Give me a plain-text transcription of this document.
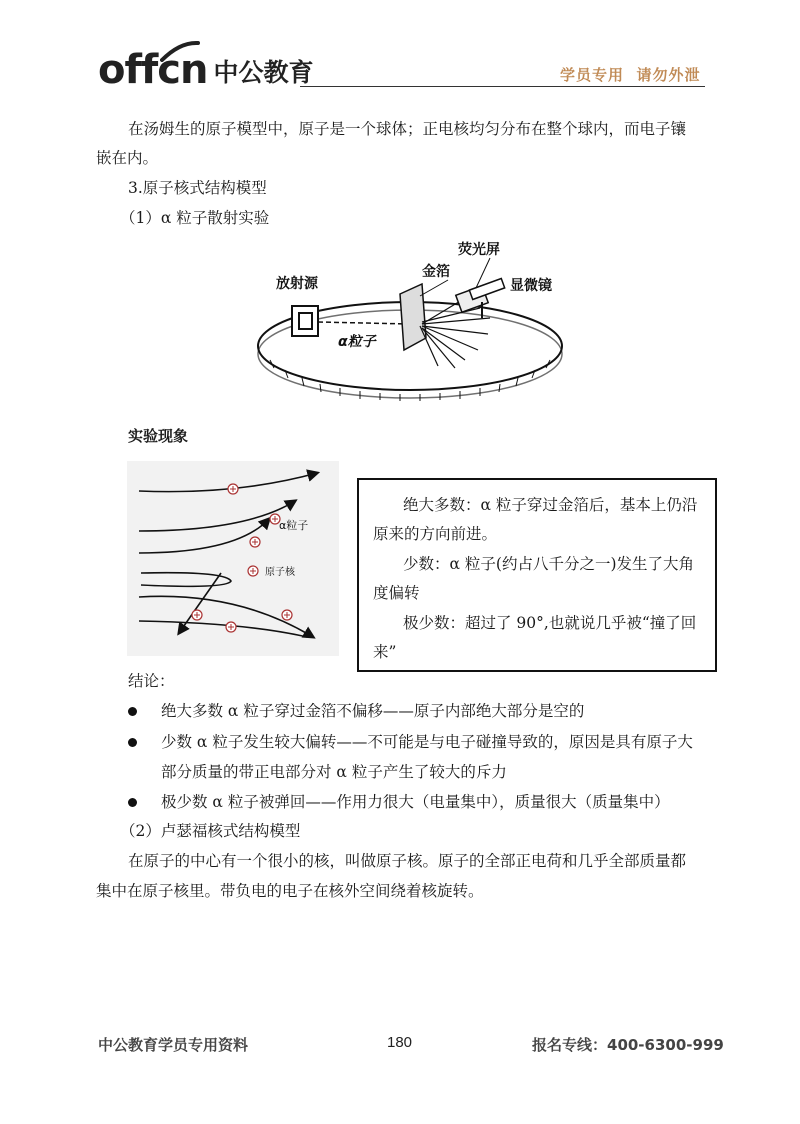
offcn 中公教育	学员专用  请勿外泄
在汤姆生的原子模型中，原子是一个球体；正电核均匀分布在整个球内，而电子镶
嵌在内。
3.原子核式结构模型
（1）α 粒子散射实验
放射源
金箔
荧光屏
显微镜
α粒子
实验现象
α粒子
原子核
绝大多数：α 粒子穿过金箔后，基本上仍沿
原来的方向前进。
少数：α 粒子(约占八千分之一)发生了大角
度偏转
极少数：超过了 90°,也就说几乎被“撞了回
来”
结论：
绝大多数 α 粒子穿过金箔不偏移——原子内部绝大部分是空的
少数 α 粒子发生较大偏转——不可能是与电子碰撞导致的，原因是具有原子大
部分质量的带正电部分对 α 粒子产生了较大的斥力
极少数 α 粒子被弹回——作用力很大（电量集中），质量很大（质量集中）
（2）卢瑟福核式结构模型
在原子的中心有一个很小的核，叫做原子核。原子的全部正电荷和几乎全部质量都
集中在原子核里。带负电的电子在核外空间绕着核旋转。
中公教育学员专用资料	180	报名专线：400-6300-999
